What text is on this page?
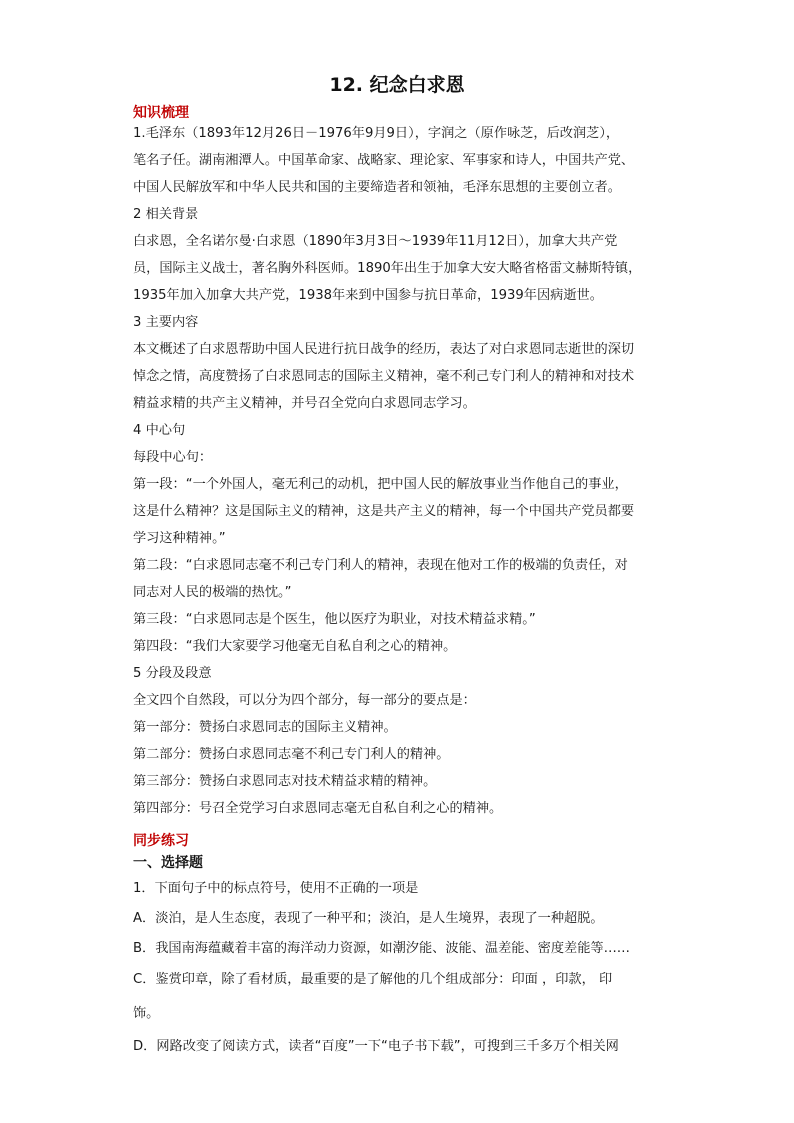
12. 纪念白求恩
知识梳理
1.毛泽东（1893年12月26日－1976年9月9日），字润之（原作咏芝，后改润芝），
笔名子任。湖南湘潭人。中国革命家、战略家、理论家、军事家和诗人，中国共产党、
中国人民解放军和中华人民共和国的主要缔造者和领袖，毛泽东思想的主要创立者。
2 相关背景
白求恩，全名诺尔曼·白求恩（1890年3月3日～1939年11月12日），加拿大共产党
员，国际主义战士，著名胸外科医师。1890年出生于加拿大安大略省格雷文赫斯特镇，
1935年加入加拿大共产党，1938年来到中国参与抗日革命，1939年因病逝世。
3 主要内容
本文概述了白求恩帮助中国人民进行抗日战争的经历，表达了对白求恩同志逝世的深切
悼念之情，高度赞扬了白求恩同志的国际主义精神，毫不利己专门利人的精神和对技术
精益求精的共产主义精神，并号召全党向白求恩同志学习。
4 中心句
每段中心句：
第一段：“一个外国人，毫无利己的动机，把中国人民的解放事业当作他自己的事业，
这是什么精神？这是国际主义的精神，这是共产主义的精神，每一个中国共产党员都要
学习这种精神。”
第二段：“白求恩同志毫不利己专门利人的精神，表现在他对工作的极端的负责任，对
同志对人民的极端的热忱。”
第三段：“白求恩同志是个医生，他以医疗为职业，对技术精益求精。”
第四段：“我们大家要学习他毫无自私自利之心的精神。
5 分段及段意
全文四个自然段，可以分为四个部分，每一部分的要点是：
第一部分：赞扬白求恩同志的国际主义精神。
第二部分：赞扬白求恩同志毫不利己专门利人的精神。
第三部分：赞扬白求恩同志对技术精益求精的精神。
第四部分：号召全党学习白求恩同志毫无自私自利之心的精神。
同步练习
一、选择题
1．下面句子中的标点符号，使用不正确的一项是
A．淡泊，是人生态度，表现了一种平和；淡泊，是人生境界，表现了一种超脱。
B．我国南海蕴藏着丰富的海洋动力资源，如潮汐能、波能、温差能、密度差能等……
C．鉴赏印章，除了看材质，最重要的是了解他的几个组成部分：印面 ，印款， 印
饰。
D．网路改变了阅读方式，读者“百度”一下“电子书下载”，可搜到三千多万个相关网
